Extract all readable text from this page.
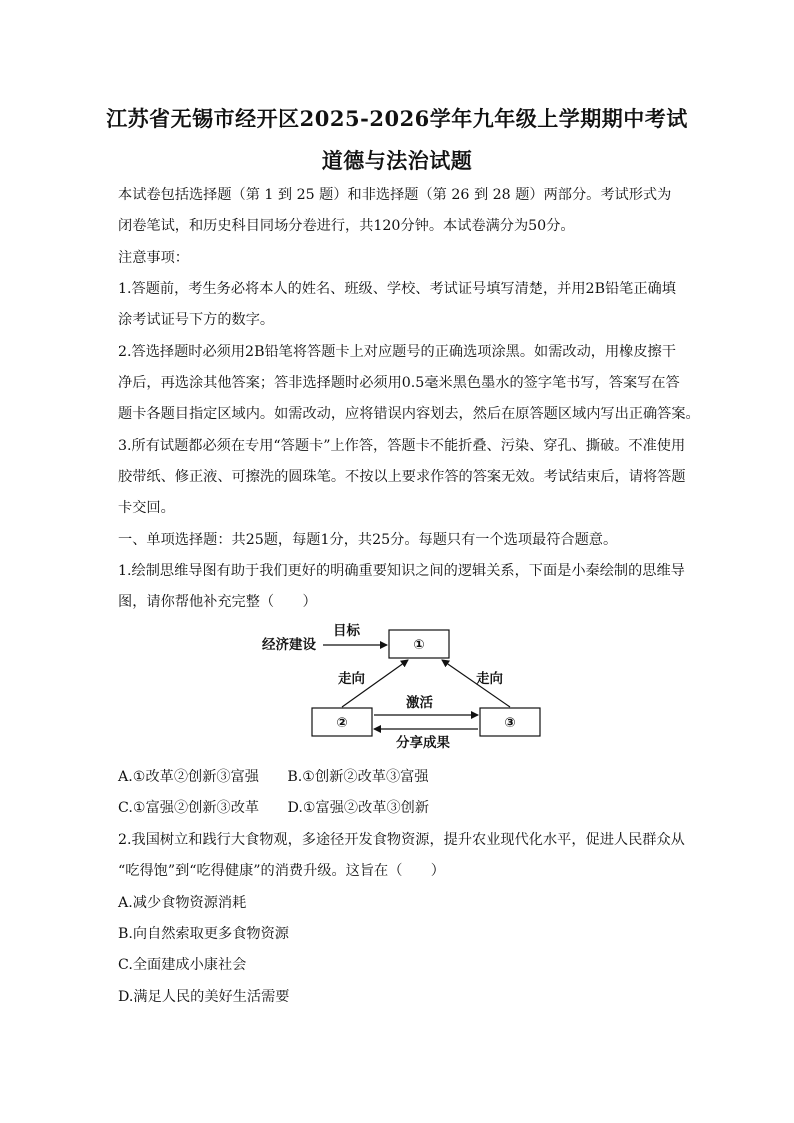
江苏省无锡市经开区2025-2026学年九年级上学期期中考试
道德与法治试题
本试卷包括选择题（第 1 到 25 题）和非选择题（第 26 到 28 题）两部分。考试形式为
闭卷笔试，和历史科目同场分卷进行，共120分钟。本试卷满分为50分。
注意事项：
1.答题前，考生务必将本人的姓名、班级、学校、考试证号填写清楚，并用2B铅笔正确填
涂考试证号下方的数字。
2.答选择题时必须用2B铅笔将答题卡上对应题号的正确选项涂黑。如需改动，用橡皮擦干
净后，再选涂其他答案；答非选择题时必须用0.5毫米黑色墨水的签字笔书写，答案写在答
题卡各题目指定区域内。如需改动，应将错误内容划去，然后在原答题区域内写出正确答案。
3.所有试题都必须在专用“答题卡”上作答，答题卡不能折叠、污染、穿孔、撕破。不准使用
胶带纸、修正液、可擦洗的圆珠笔。不按以上要求作答的答案无效。考试结束后，请将答题
卡交回。
一、单项选择题：共25题，每题1分，共25分。每题只有一个选项最符合题意。
1.绘制思维导图有助于我们更好的明确重要知识之间的逻辑关系，下面是小秦绘制的思维导
图，请你帮他补充完整（　　）
①
②	③
经济建设
目标
走向	走向
激活
分享成果
A.①改革②创新③富强　　B.①创新②改革③富强
C.①富强②创新③改革　　D.①富强②改革③创新
2.我国树立和践行大食物观，多途径开发食物资源，提升农业现代化水平，促进人民群众从
“吃得饱”到“吃得健康”的消费升级。这旨在（　　）
A.减少食物资源消耗
B.向自然索取更多食物资源
C.全面建成小康社会
D.满足人民的美好生活需要
